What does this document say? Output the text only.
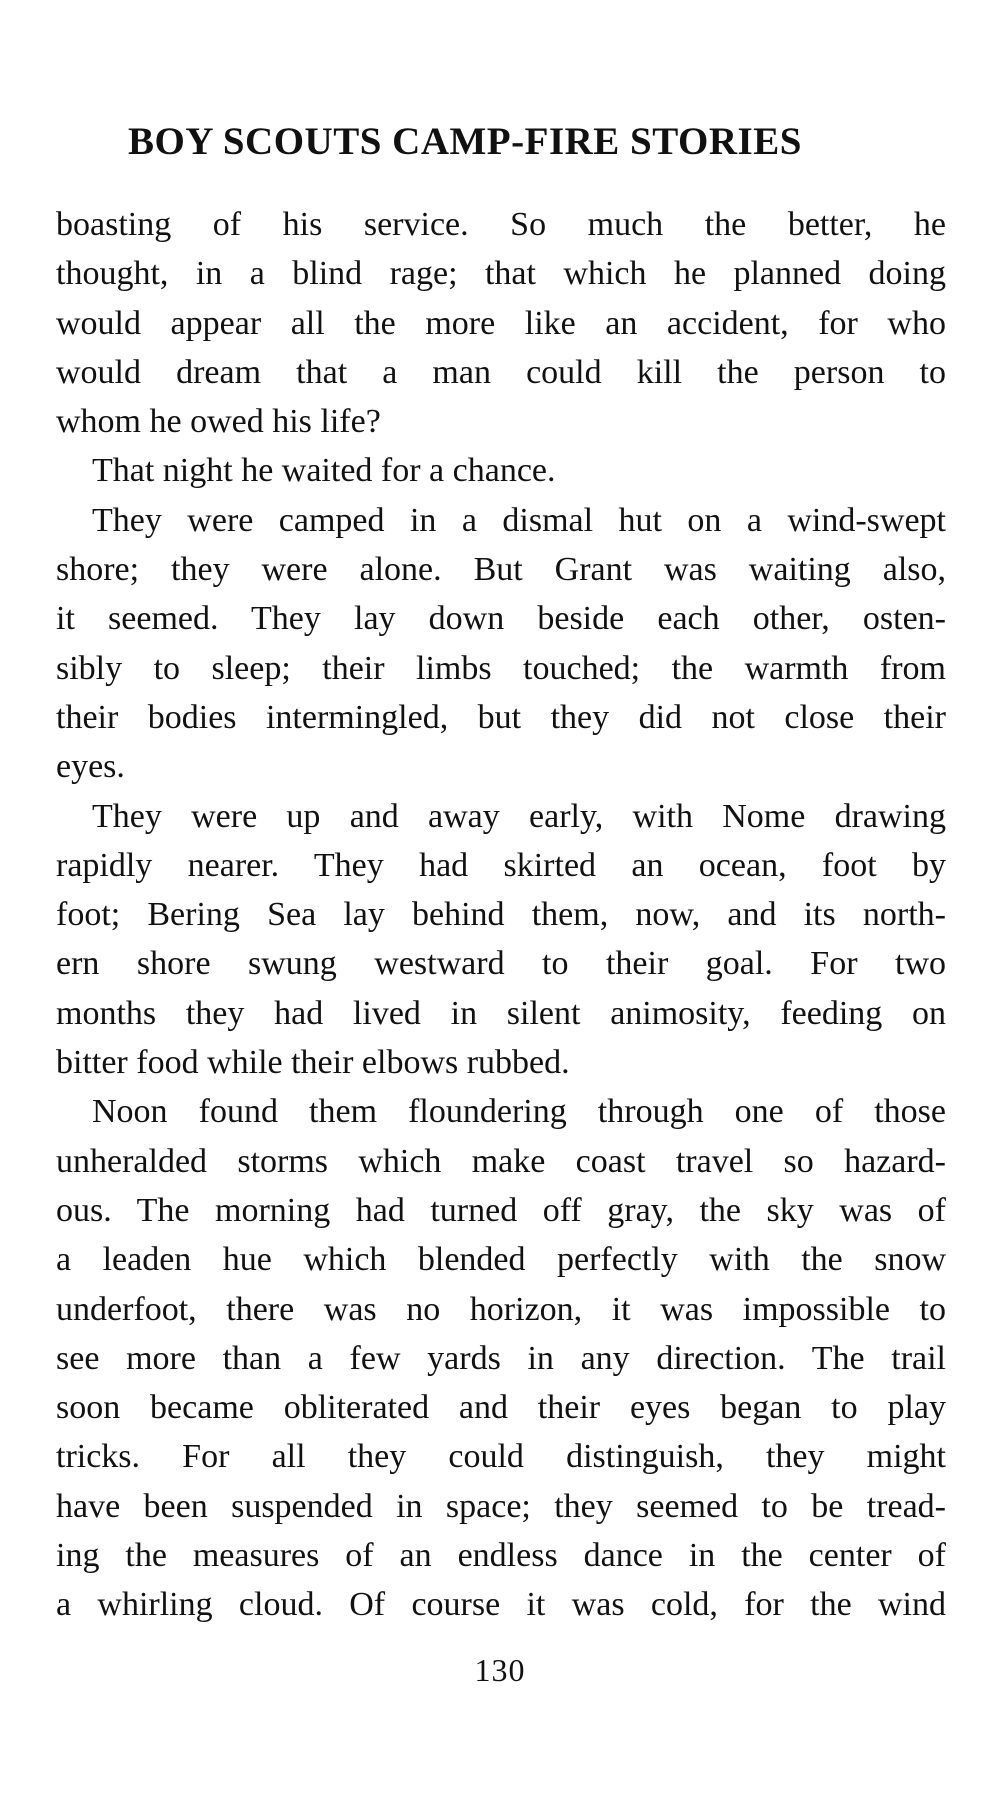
BOY SCOUTS CAMP-FIRE STORIES
boasting of his service. So much the better, he
thought, in a blind rage; that which he planned doing
would appear all the more like an accident, for who
would dream that a man could kill the person to
whom he owed his life?
That night he waited for a chance.
They were camped in a dismal hut on a wind-swept
shore; they were alone. But Grant was waiting also,
it seemed. They lay down beside each other, osten-
sibly to sleep; their limbs touched; the warmth from
their bodies intermingled, but they did not close their
eyes.
They were up and away early, with Nome drawing
rapidly nearer. They had skirted an ocean, foot by
foot; Bering Sea lay behind them, now, and its north-
ern shore swung westward to their goal. For two
months they had lived in silent animosity, feeding on
bitter food while their elbows rubbed.
Noon found them floundering through one of those
unheralded storms which make coast travel so hazard-
ous. The morning had turned off gray, the sky was of
a leaden hue which blended perfectly with the snow
underfoot, there was no horizon, it was impossible to
see more than a few yards in any direction. The trail
soon became obliterated and their eyes began to play
tricks. For all they could distinguish, they might
have been suspended in space; they seemed to be tread-
ing the measures of an endless dance in the center of
a whirling cloud. Of course it was cold, for the wind
130
